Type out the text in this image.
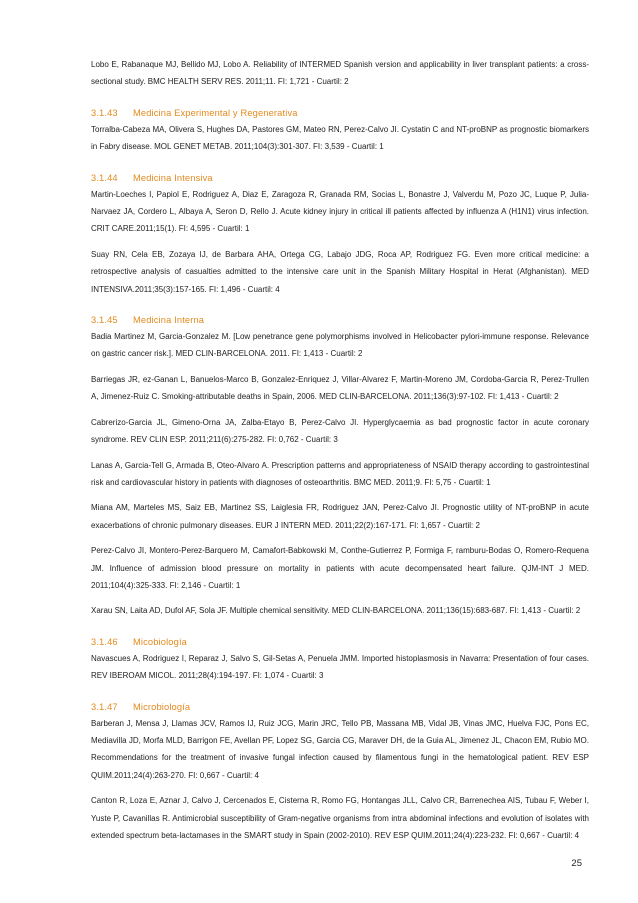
Lobo E, Rabanaque MJ, Bellido MJ, Lobo A. Reliability of INTERMED Spanish version and applicability in liver transplant patients: a cross-sectional study. BMC HEALTH SERV RES. 2011;11. FI: 1,721 - Cuartil: 2

3.1.43 Medicina Experimental y Regenerativa

Torralba-Cabeza MA, Olivera S, Hughes DA, Pastores GM, Mateo RN, Perez-Calvo JI. Cystatin C and NT-proBNP as prognostic biomarkers in Fabry disease. MOL GENET METAB. 2011;104(3):301-307. FI: 3,539 - Cuartil: 1

3.1.44 Medicina Intensiva

Martin-Loeches I, Papiol E, Rodriguez A, Diaz E, Zaragoza R, Granada RM, Socias L, Bonastre J, Valverdu M, Pozo JC, Luque P, Julia-Narvaez JA, Cordero L, Albaya A, Seron D, Rello J. Acute kidney injury in critical ill patients affected by influenza A (H1N1) virus infection. CRIT CARE.2011;15(1). FI: 4,595 - Cuartil: 1

Suay RN, Cela EB, Zozaya IJ, de Barbara AHA, Ortega CG, Labajo JDG, Roca AP, Rodriguez FG. Even more critical medicine: a retrospective analysis of casualties admitted to the intensive care unit in the Spanish Military Hospital in Herat (Afghanistan). MED INTENSIVA.2011;35(3):157-165. FI: 1,496 - Cuartil: 4

3.1.45 Medicina Interna

Badia Martinez M, Garcia-Gonzalez M. [Low penetrance gene polymorphisms involved in Helicobacter pylori-immune response. Relevance on gastric cancer risk.]. MED CLIN-BARCELONA. 2011. FI: 1,413 - Cuartil: 2

Barriegas JR, ez-Ganan L, Banuelos-Marco B, Gonzalez-Enriquez J, Villar-Alvarez F, Martin-Moreno JM, Cordoba-Garcia R, Perez-Trullen A, Jimenez-Ruiz C. Smoking-attributable deaths in Spain, 2006. MED CLIN-BARCELONA. 2011;136(3):97-102. FI: 1,413 - Cuartil: 2

Cabrerizo-Garcia JL, Gimeno-Orna JA, Zalba-Etayo B, Perez-Calvo JI. Hyperglycaemia as bad prognostic factor in acute coronary syndrome. REV CLIN ESP. 2011;211(6):275-282. FI: 0,762 - Cuartil: 3

Lanas A, Garcia-Tell G, Armada B, Oteo-Alvaro A. Prescription patterns and appropriateness of NSAID therapy according to gastrointestinal risk and cardiovascular history in patients with diagnoses of osteoarthritis. BMC MED. 2011;9. FI: 5,75 - Cuartil: 1

Miana AM, Marteles MS, Saiz EB, Martinez SS, Laiglesia FR, Rodriguez JAN, Perez-Calvo JI. Prognostic utility of NT-proBNP in acute exacerbations of chronic pulmonary diseases. EUR J INTERN MED. 2011;22(2):167-171. FI: 1,657 - Cuartil: 2

Perez-Calvo JI, Montero-Perez-Barquero M, Camafort-Babkowski M, Conthe-Gutierrez P, Formiga F, ramburu-Bodas O, Romero-Requena JM. Influence of admission blood pressure on mortality in patients with acute decompensated heart failure. QJM-INT J MED. 2011;104(4):325-333. FI: 2,146 - Cuartil: 1

Xarau SN, Laita AD, Dufol AF, Sola JF. Multiple chemical sensitivity. MED CLIN-BARCELONA. 2011;136(15):683-687. FI: 1,413 - Cuartil: 2

3.1.46 Micobiología

Navascues A, Rodriguez I, Reparaz J, Salvo S, Gil-Setas A, Penuela JMM. Imported histoplasmosis in Navarra: Presentation of four cases. REV IBEROAM MICOL. 2011;28(4):194-197. FI: 1,074 - Cuartil: 3

3.1.47 Microbiología

Barberan J, Mensa J, Llamas JCV, Ramos IJ, Ruiz JCG, Marin JRC, Tello PB, Massana MB, Vidal JB, Vinas JMC, Huelva FJC, Pons EC, Mediavilla JD, Morfa MLD, Barrigon FE, Avellan PF, Lopez SG, Garcia CG, Maraver DH, de la Guia AL, Jimenez JL, Chacon EM, Rubio MO. Recommendations for the treatment of invasive fungal infection caused by filamentous fungi in the hematological patient. REV ESP QUIM.2011;24(4):263-270. FI: 0,667 - Cuartil: 4

Canton R, Loza E, Aznar J, Calvo J, Cercenados E, Cisterna R, Romo FG, Hontangas JLL, Calvo CR, Barrenechea AIS, Tubau F, Weber I, Yuste P, Cavanillas R. Antimicrobial susceptibility of Gram-negative organisms from intra abdominal infections and evolution of isolates with extended spectrum beta-lactamases in the SMART study in Spain (2002-2010). REV ESP QUIM.2011;24(4):223-232. FI: 0,667 - Cuartil: 4

25
